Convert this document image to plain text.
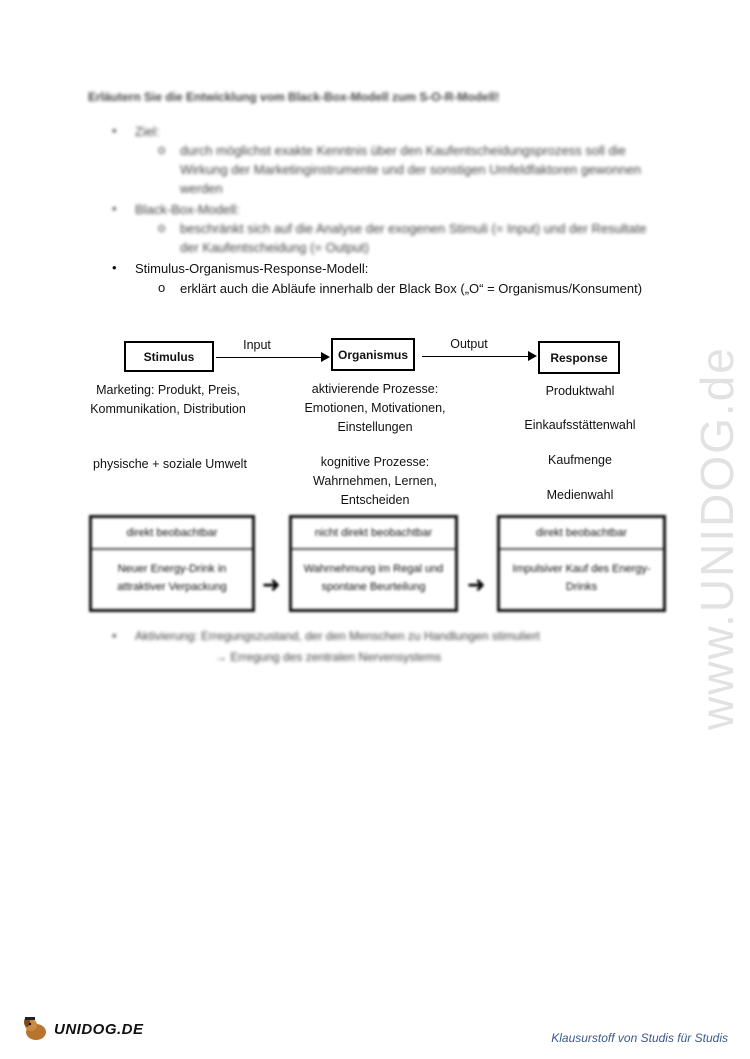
Erläutern Sie die Entwicklung vom Black-Box-Modell zum S-O-R-Modell!
• Ziel:
o durch möglichst exakte Kenntnis über den Kaufentscheidungsprozess soll die Wirkung der Marketinginstrumente und der sonstigen Umfeldfaktoren gewonnen werden
• Black-Box-Modell:
o beschränkt sich auf die Analyse der exogenen Stimuli (= Input) und der Resultate der Kaufentscheidung (= Output)
• Stimulus-Organismus-Response-Modell:
o erklärt auch die Abläufe innerhalb der Black Box („O“ = Organismus/Konsument)
Stimulus	Organismus	Response
Input	Output
Marketing: Produkt, Preis, Kommunikation, Distribution
physische + soziale Umwelt
aktivierende Prozesse: Emotionen, Motivationen, Einstellungen
kognitive Prozesse: Wahrnehmen, Lernen, Entscheiden
Produktwahl
Einkaufsstättenwahl
Kaufmenge
Medienwahl
direkt beobachtbar
Neuer Energy-Drink in attraktiver Verpackung	➜
nicht direkt beobachtbar
Wahrnehmung im Regal und spontane Beurteilung	➜
direkt beobachtbar
Impulsiver Kauf des Energy-Drinks
• Aktivierung: Erregungszustand, der den Menschen zu Handlungen stimuliert
→ Erregung des zentralen Nervensystems	www.UNIDOG.de
UNIDOG.DE
Klausurstoff von Studis für Studis
